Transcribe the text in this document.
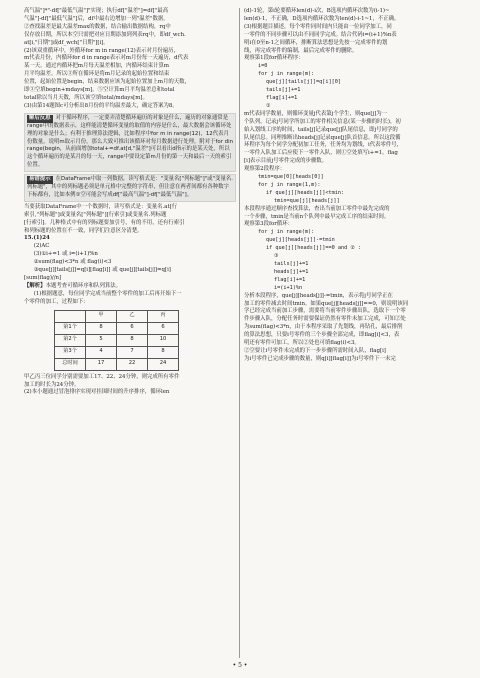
高气温"]*"-df["最低气温"]"实现；执行df["温差"]=df["最高

气温"]-df["最低气温"]后，df中最右边增加一列"温差"数据。

②查找温差是最大温差max的数据，结合输出数据结构，rq中

仅存放日期，所以本空只需把对应日期添加到列表rq中，即df_wch.

at[i,"日期"]或df_wch["日期"][i]。

(2)该双重循环中，外循环for m in range(12)表示对月份遍历，

m代表月份，内循环for d in range表示对m月份每一天遍历，d代表

某一天。通过内循环把m月每天温差相加，内循环结束计算m

月平均温差。所以③所在循环是将m月记录的起始位置和结束

位置，起始位置是begin，结束数据应该为起始位置加上m月的天数，

即③空填begin+mdays[m]。⑤空计算m月平均温差总和total

total除以当月天数，所以该空填total/mdays[m]。

(3)由第14题图c可分析出8月份的平均温差最大，确定答案为8。

解后反思 对于循环程序，一定要弄清楚循环遍历的对象是什么，遍历的对象通常是range中的数据表示，这样能清楚循环变量的取值的内容是什么，最大数据会该循环处理的对象是什么；有利于推理算法逻辑，比如程序中for m in range(12)，12代表月份数量，说明m取示月份，那么大致可推出该循环对每月数据进行处理。附对于for din range(begin，从前面增加total+=df.at[d,"温差"]可以看出d指示的是某天处，所以这个循环遍历的是某月的每一天，range中要设定第m月份的第一天和最后一天的索引位置。
易错提示 在DataFrame中取一列数据，读写格式是："变量名["列标题"]"或"变量名.列标题"，其中的列标题必须是单元格中完整的字符串，但注意在两者间都有各种数字下标都有，比如本例①空可能会写成df["最高气温"]-df["最低气温"]。

当要获取DataFrame中一个数据时，读写格式是：变量名.at[行

索引,"列标题"]或变量名["列标题"][行索引]或变量名.列标题

[行索引]。几种格式中有的列标题要加引号，有的不用，还有行索引

和列标题的位置在不一致，同学们注意区分清楚。

15.(1)24

(2)AC

(3)①i+=1 或 i=(i+1)%n

②sum(flag)<3*n 或 flag(i)<3

③que[j][tails[j]]=q[i][flag[i]] 或 que[j][tails[j]]=q[i]

[sum(flag)//n]

【解析】本题考查可循环序和队列算法。

(1)根据题意，每位同学完成当前整个零件的加工后再开始下一

个零件的加工，过程如下：

	甲	乙	丙
第1个	8	6	6
第2个	5	8	10
第3个	4	7	8
总时间	17	22	24

甲乙丙三位同学分别需要加工17、22、24分钟，则完成所有零件

加工的时长为24分钟。

(2)本小题通过冒泡排序实现对挂围时间的升序排序，循环len

(d)-1轮，第i轮要循环len(d)-i次，B选项内循环次数为(i-1)~

len(d)-1，不正确，D选项内循环次数为len(d)-i-1~1，不正确。

(3)根据题目描述，每个零件同时间内只能由一位同学加工，同

一零件的不同步骤可以由不同同学完成。结合代码i=(i+1)%n表

明i在0至n-1之间循环，排断算法思想是先按一完成零件的划

线，再完成零件的编制，最后完成零件的删除。

观察第1段for循环程序：

i=0

for j in range(m):

que[j][tails[j]]=q[i][0]

tails[j]+=1

flag[i]+=1

①

m代表同学数量，则循环变量j代表第j个学生，则que[j]为一

个队列，记录j号同学所加工的零件相关信息(某一步骤的时长)，初

始入划线工序的时间，tails[j]记录que[j]队尾信息，即j号同学的

队尾信息。同理推断出heads[j]记录que[j]队首信息。所以这段循

环程序为每个同学分配初加工任务，任务均为划线，i代表零件号，

一零件入队加工后应使下一零件入队，则①空处填写i+=1。flag

[i]表示目前j号零件完成的步骤数。

观察第2段程序：

tmin=que[0][heads[0]]

for j in range(1,m):

if que[j][heads[j]]<tmin:

tmin=que[j][heads[j]]

本段程序通过顺序查找算法，查出当前加工零件中最先完成的

一个步骤，tmin是当前n个队列中最早完成工序的结束时间。

观察第3段for循环：

for j in range(m):

que[j][heads[j]]-=tmin

if que[j][heads[j]]==0 and ② :

③

tails[j]+=1

heads[j]+=1

flag[i]+=1

i=(i+1)%n

分析本段程序，que[j][heads[j]]-=tmin，表示将j号同学正在

加工的零件减去时间tmin。如果que[j][heads[j]]==0，则说明该同

学已经完成当前加工步骤，需要将当前零件步骤出队，选取下一个零

件步骤入队，分配任务时需要保证仍然有零件未加工完成，可知②处

为sum(flag)<3*n，由于本程序采取了先划线，再钻孔，最后排削

的算法思想，只要i号零件的三个步骤全部完成，即flag[i]<3，表

明还有零件可加工，所以②处也可填flag(i)<3。

②空要让i号零件未完成的下一步步骤所需时间入队，flag[i]

为i号零件已完成步骤的数量，则q[i][flag[i]]为i号零件下一未完

• 5 •
